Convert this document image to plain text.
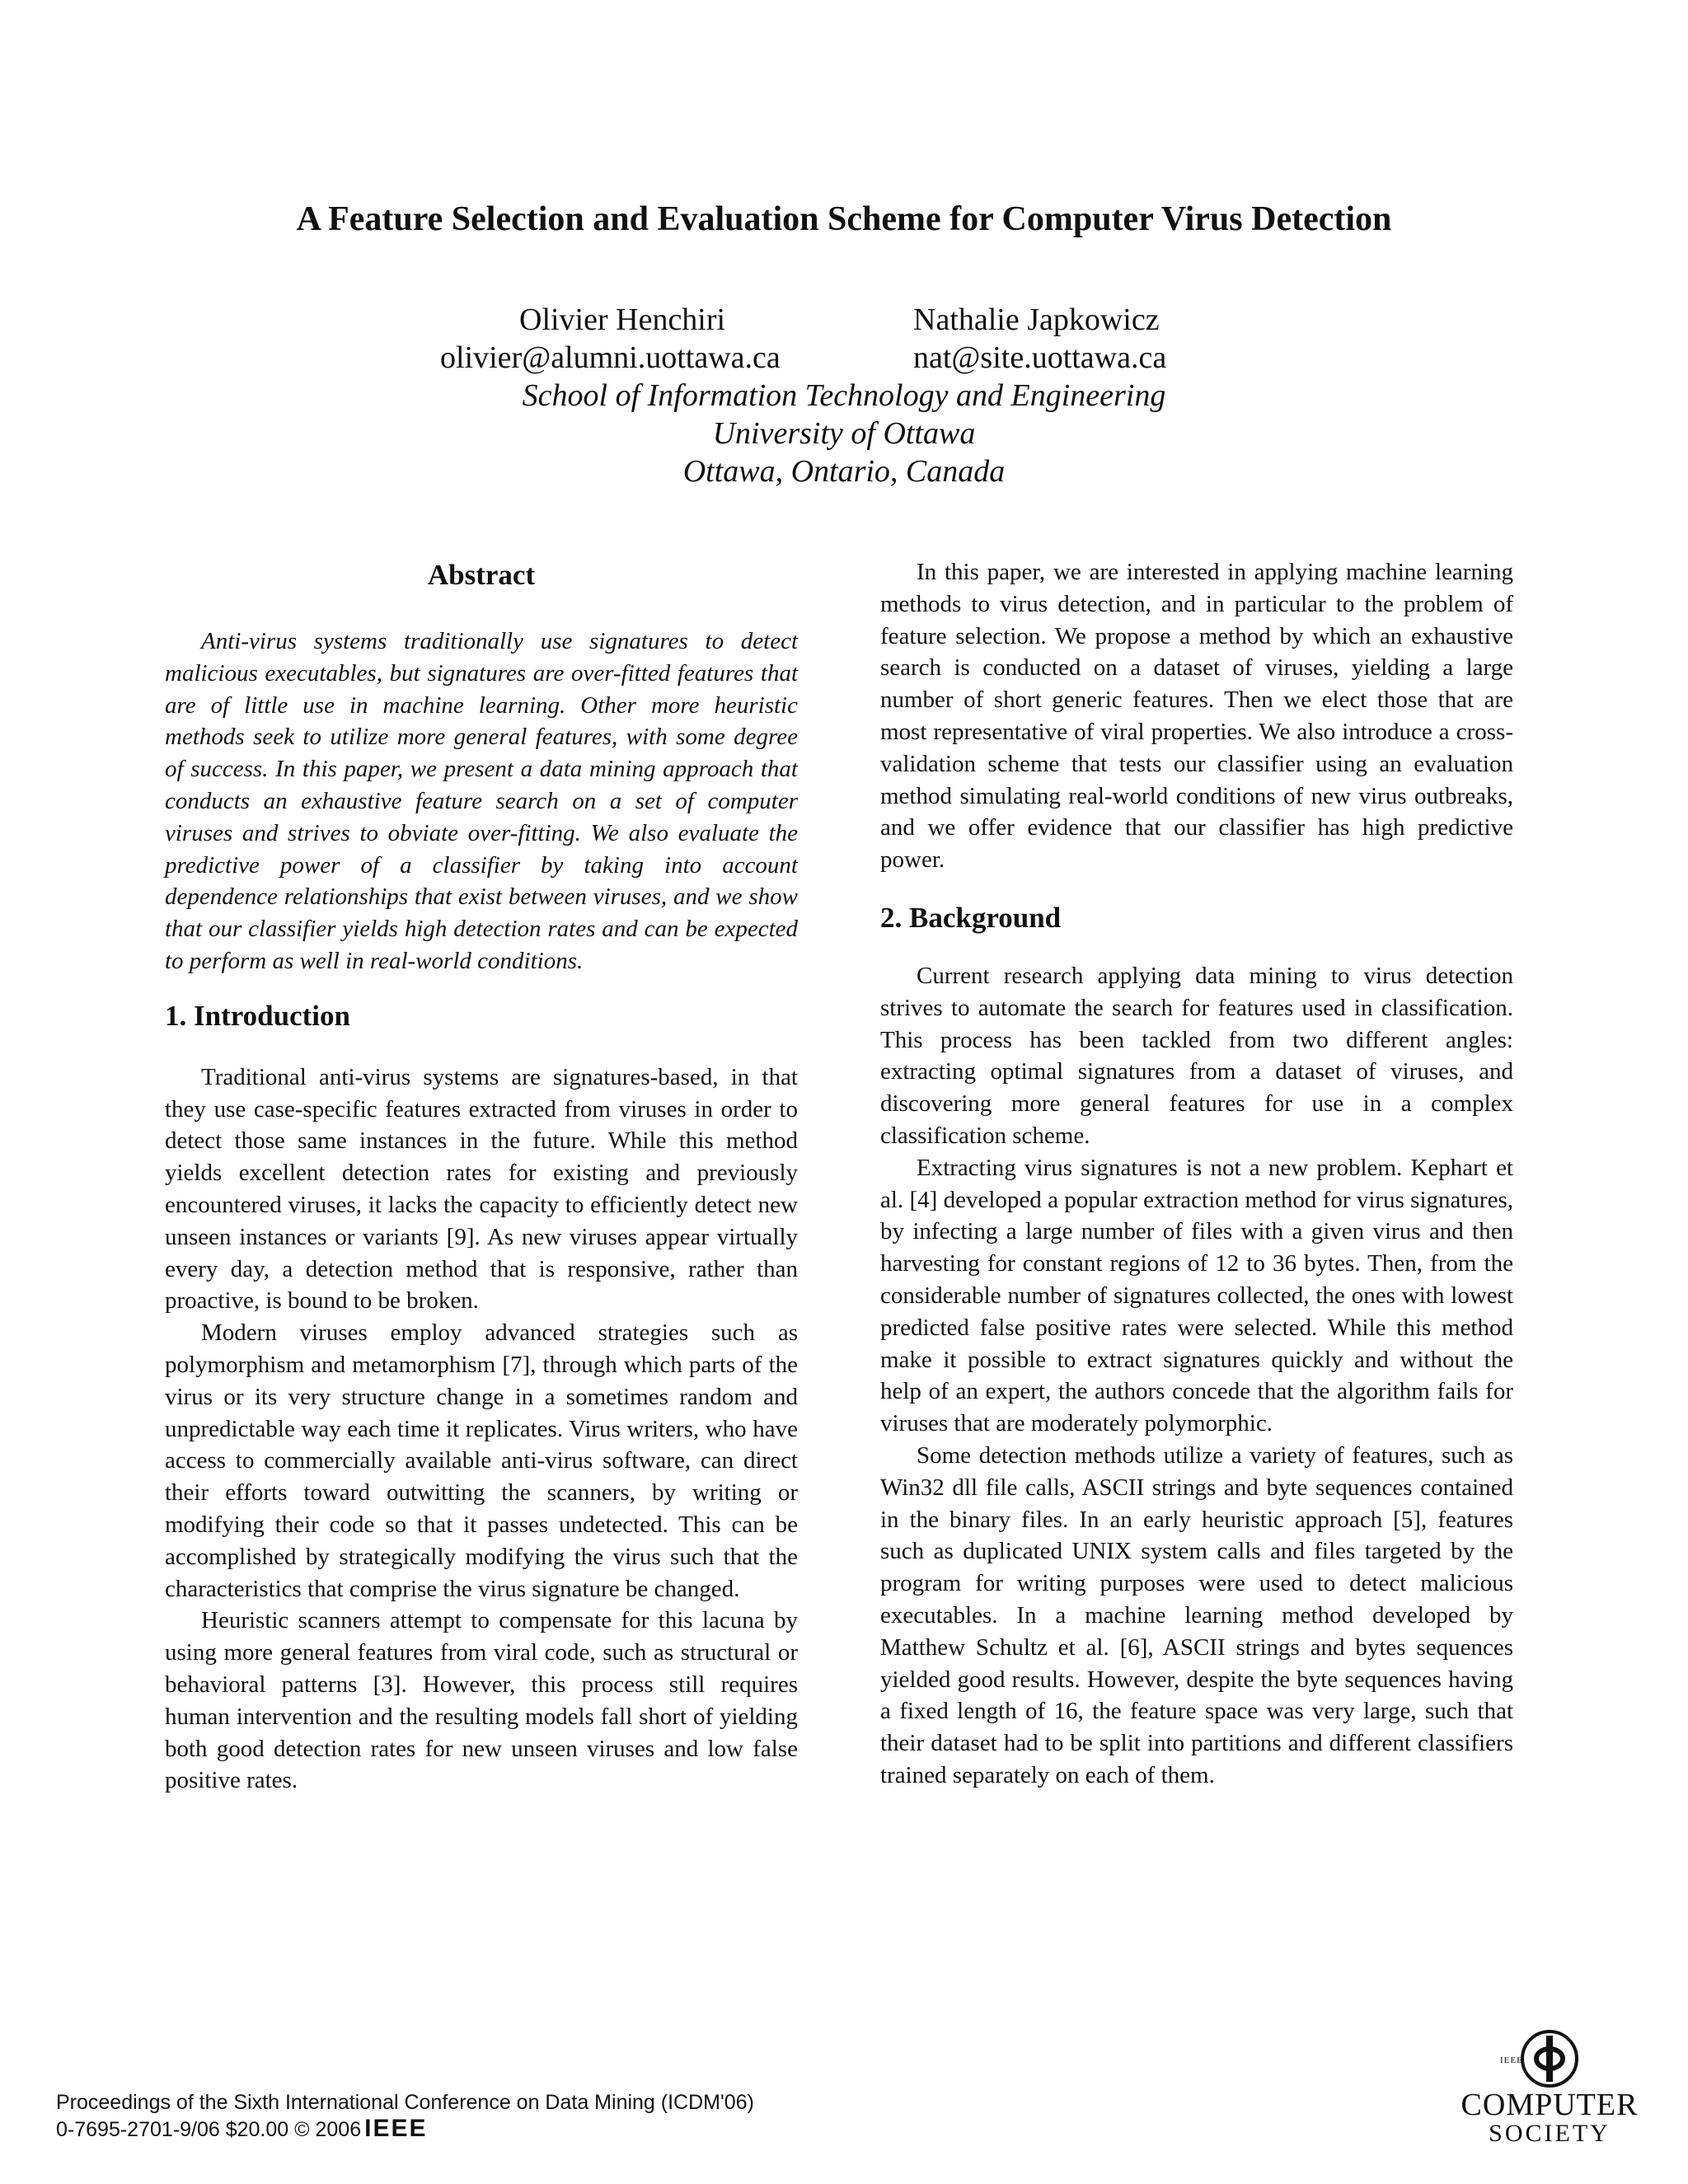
A Feature Selection and Evaluation Scheme for Computer Virus Detection
Olivier Henchiri	Nathalie Japkowicz
olivier@alumni.uottawa.ca	nat@site.uottawa.ca
School of Information Technology and Engineering
University of Ottawa
Ottawa, Ontario, Canada
Abstract

Anti-virus systems traditionally use signatures to detect malicious executables, but signatures are over-fitted features that are of little use in machine learning. Other more heuristic methods seek to utilize more general features, with some degree of success. In this paper, we present a data mining approach that conducts an exhaustive feature search on a set of computer viruses and strives to obviate over-fitting. We also evaluate the predictive power of a classifier by taking into account dependence relationships that exist between viruses, and we show that our classifier yields high detection rates and can be expected to perform as well in real-world conditions.

1. Introduction

Traditional anti-virus systems are signatures-based, in that they use case-specific features extracted from viruses in order to detect those same instances in the future. While this method yields excellent detection rates for existing and previously encountered viruses, it lacks the capacity to efficiently detect new unseen instances or variants [9]. As new viruses appear virtually every day, a detection method that is responsive, rather than proactive, is bound to be broken.

Modern viruses employ advanced strategies such as polymorphism and metamorphism [7], through which parts of the virus or its very structure change in a sometimes random and unpredictable way each time it replicates. Virus writers, who have access to commercially available anti-virus software, can direct their efforts toward outwitting the scanners, by writing or modifying their code so that it passes undetected. This can be accomplished by strategically modifying the virus such that the characteristics that comprise the virus signature be changed.

Heuristic scanners attempt to compensate for this lacuna by using more general features from viral code, such as structural or behavioral patterns [3]. However, this process still requires human intervention and the resulting models fall short of yielding both good detection rates for new unseen viruses and low false positive rates.

In this paper, we are interested in applying machine learning methods to virus detection, and in particular to the problem of feature selection. We propose a method by which an exhaustive search is conducted on a dataset of viruses, yielding a large number of short generic features. Then we elect those that are most representative of viral properties. We also introduce a cross-validation scheme that tests our classifier using an evaluation method simulating real-world conditions of new virus outbreaks, and we offer evidence that our classifier has high predictive power.

2. Background

Current research applying data mining to virus detection strives to automate the search for features used in classification. This process has been tackled from two different angles: extracting optimal signatures from a dataset of viruses, and discovering more general features for use in a complex classification scheme.

Extracting virus signatures is not a new problem. Kephart et al. [4] developed a popular extraction method for virus signatures, by infecting a large number of files with a given virus and then harvesting for constant regions of 12 to 36 bytes. Then, from the considerable number of signatures collected, the ones with lowest predicted false positive rates were selected. While this method make it possible to extract signatures quickly and without the help of an expert, the authors concede that the algorithm fails for viruses that are moderately polymorphic.

Some detection methods utilize a variety of features, such as Win32 dll file calls, ASCII strings and byte sequences contained in the binary files. In an early heuristic approach [5], features such as duplicated UNIX system calls and files targeted by the program for writing purposes were used to detect malicious executables. In a machine learning method developed by Matthew Schultz et al. [6], ASCII strings and bytes sequences yielded good results. However, despite the byte sequences having a fixed length of 16, the feature space was very large, such that their dataset had to be split into partitions and different classifiers trained separately on each of them.

Proceedings of the Sixth International Conference on Data Mining (ICDM'06)
0-7695-2701-9/06 $20.00 © 2006 IEEE
IEEE
COMPUTER
SOCIETY
